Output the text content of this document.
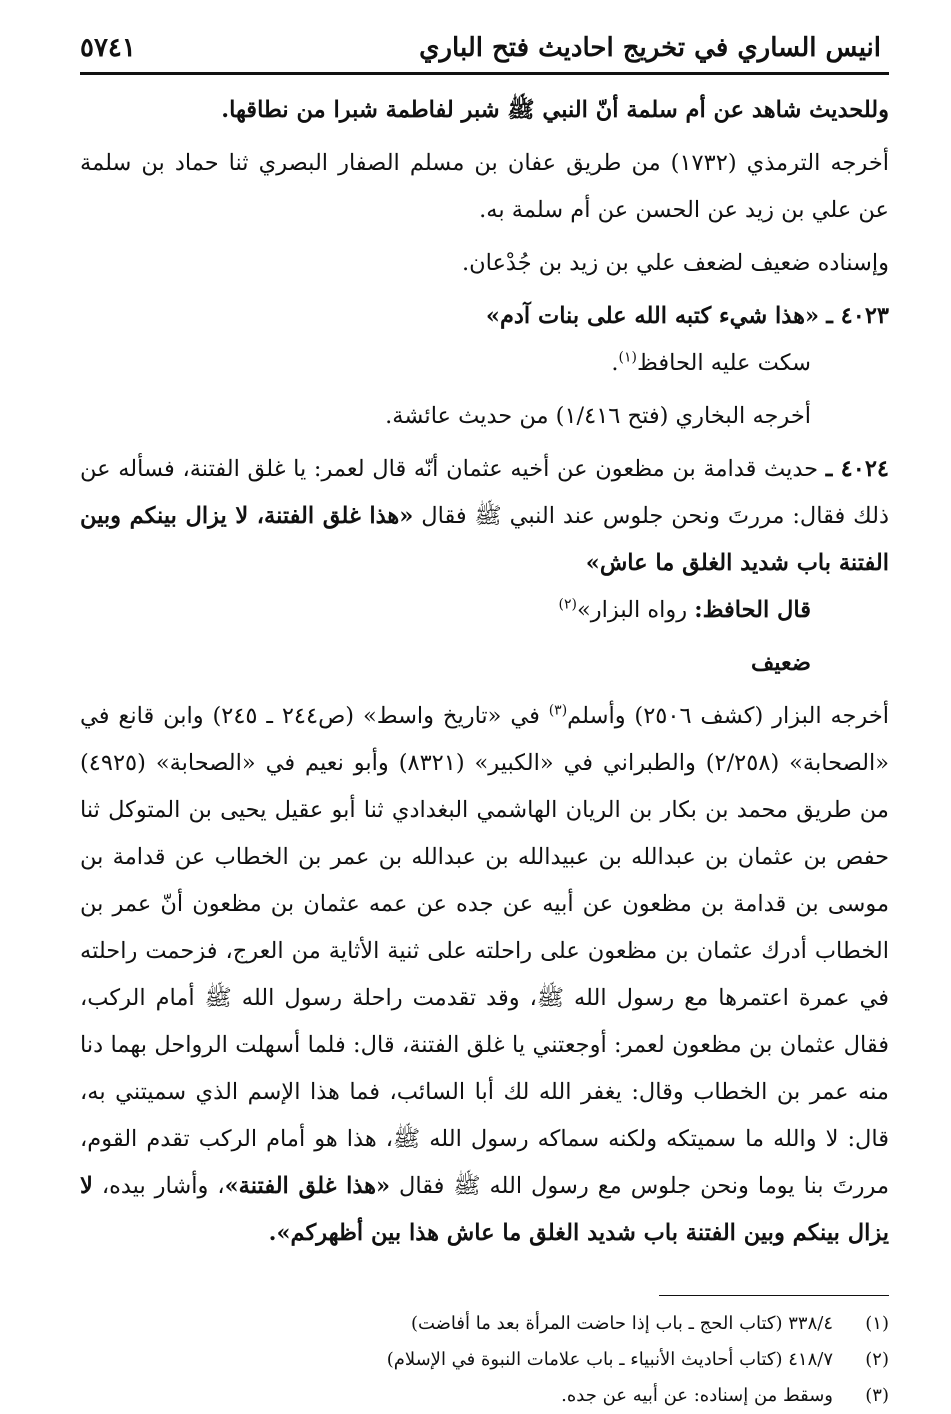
انيس الساري في تخريج احاديث فتح الباري
٥٧٤١

وللحديث شاهد عن أم سلمة أنّ النبي ﷺ شبر لفاطمة شبرا من نطاقها.

أخرجه الترمذي (١٧٣٢) من طريق عفان بن مسلم الصفار البصري ثنا حماد بن سلمة عن علي بن زيد عن الحسن عن أم سلمة به.

وإسناده ضعيف لضعف علي بن زيد بن جُدْعان.

٤٠٢٣ ـ «هذا شيء كتبه الله على بنات آدم»

سكت عليه الحافظ$^{(١)}$.

أخرجه البخاري (فتح ١/٤١٦) من حديث عائشة.

٤٠٢٤ ـ حديث قدامة بن مظعون عن أخيه عثمان أنّه قال لعمر: يا غلق الفتنة، فسأله عن ذلك فقال: مررتَ ونحن جلوس عند النبي ﷺ فقال «هذا غلق الفتنة، لا يزال بينكم وبين الفتنة باب شديد الغلق ما عاش»

قال الحافظ: رواه البزار»$^{(٢)}$

ضعيف

أخرجه البزار (كشف ٢٥٠٦) وأسلم$^{(٣)}$ في «تاريخ واسط» (ص٢٤٤ ـ ٢٤٥) وابن قانع في «الصحابة» (٢/٢٥٨) والطبراني في «الكبير» (٨٣٢١) وأبو نعيم في «الصحابة» (٤٩٢٥) من طريق محمد بن بكار بن الريان الهاشمي البغدادي ثنا أبو عقيل يحيى بن المتوكل ثنا حفص بن عثمان بن عبدالله بن عبيدالله بن عبدالله بن عمر بن الخطاب عن قدامة بن موسى بن قدامة بن مظعون عن أبيه عن جده عن عمه عثمان بن مظعون أنّ عمر بن الخطاب أدرك عثمان بن مظعون على راحلته على ثنية الأثاية من العرج، فزحمت راحلته في عمرة اعتمرها مع رسول الله ﷺ، وقد تقدمت راحلة رسول الله ﷺ أمام الركب، فقال عثمان بن مظعون لعمر: أوجعتني يا غلق الفتنة، قال: فلما أسهلت الرواحل بهما دنا منه عمر بن الخطاب وقال: يغفر الله لك أبا السائب، فما هذا الإسم الذي سميتني به، قال: لا والله ما سميتكه ولكنه سماكه رسول الله ﷺ، هذا هو أمام الركب تقدم القوم، مررتَ بنا يوما ونحن جلوس مع رسول الله ﷺ فقال «هذا غلق الفتنة»، وأشار بيده، لا يزال بينكم وبين الفتنة باب شديد الغلق ما عاش هذا بين أظهركم».

(١)
٣٣٨/٤ (كتاب الحج ـ باب إذا حاضت المرأة بعد ما أفاضت)
(٢)
٤١٨/٧ (كتاب أحاديث الأنبياء ـ باب علامات النبوة في الإسلام)
(٣)
وسقط من إسناده: عن أبيه عن جده.
